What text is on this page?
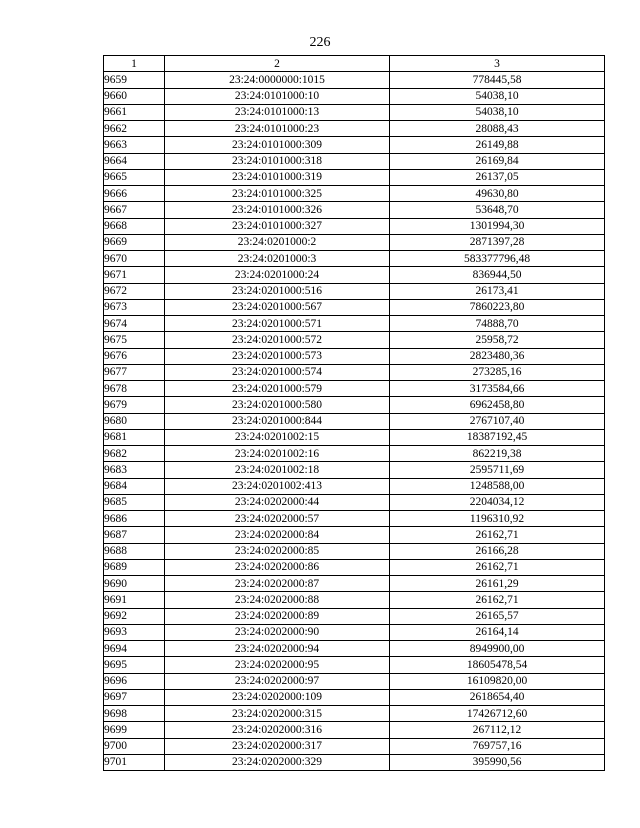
226
1	2	3
9659	23:24:0000000:1015	778445,58
9660	23:24:0101000:10	54038,10
9661	23:24:0101000:13	54038,10
9662	23:24:0101000:23	28088,43
9663	23:24:0101000:309	26149,88
9664	23:24:0101000:318	26169,84
9665	23:24:0101000:319	26137,05
9666	23:24:0101000:325	49630,80
9667	23:24:0101000:326	53648,70
9668	23:24:0101000:327	1301994,30
9669	23:24:0201000:2	2871397,28
9670	23:24:0201000:3	583377796,48
9671	23:24:0201000:24	836944,50
9672	23:24:0201000:516	26173,41
9673	23:24:0201000:567	7860223,80
9674	23:24:0201000:571	74888,70
9675	23:24:0201000:572	25958,72
9676	23:24:0201000:573	2823480,36
9677	23:24:0201000:574	273285,16
9678	23:24:0201000:579	3173584,66
9679	23:24:0201000:580	6962458,80
9680	23:24:0201000:844	2767107,40
9681	23:24:0201002:15	18387192,45
9682	23:24:0201002:16	862219,38
9683	23:24:0201002:18	2595711,69
9684	23:24:0201002:413	1248588,00
9685	23:24:0202000:44	2204034,12
9686	23:24:0202000:57	1196310,92
9687	23:24:0202000:84	26162,71
9688	23:24:0202000:85	26166,28
9689	23:24:0202000:86	26162,71
9690	23:24:0202000:87	26161,29
9691	23:24:0202000:88	26162,71
9692	23:24:0202000:89	26165,57
9693	23:24:0202000:90	26164,14
9694	23:24:0202000:94	8949900,00
9695	23:24:0202000:95	18605478,54
9696	23:24:0202000:97	16109820,00
9697	23:24:0202000:109	2618654,40
9698	23:24:0202000:315	17426712,60
9699	23:24:0202000:316	267112,12
9700	23:24:0202000:317	769757,16
9701	23:24:0202000:329	395990,56
